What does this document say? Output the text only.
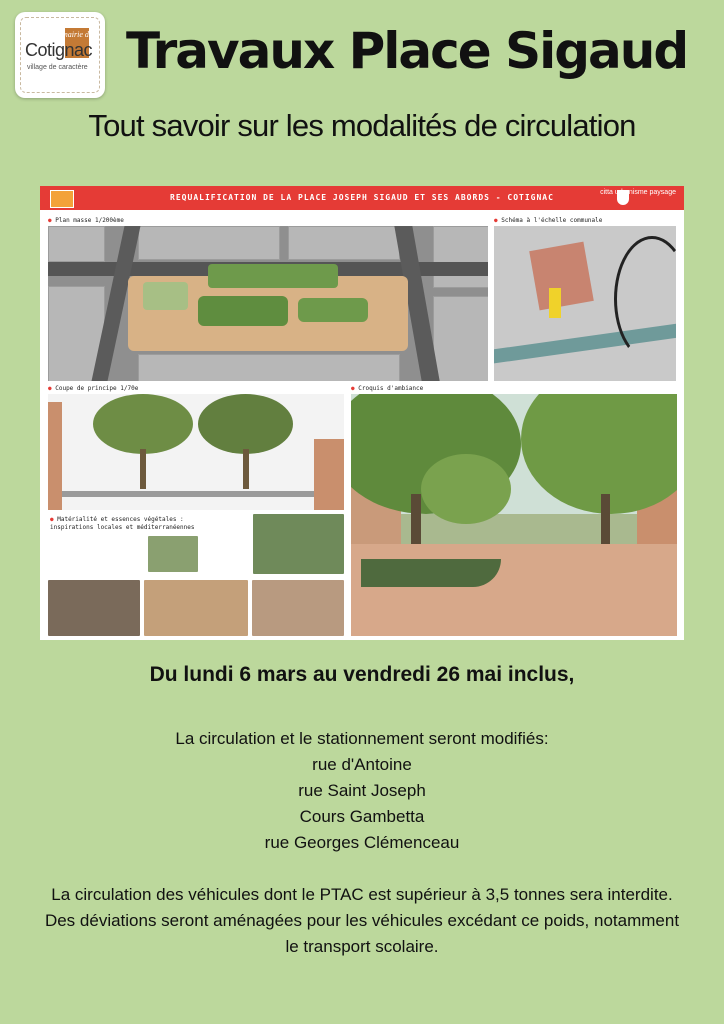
mairie de
Cotignac
village de caractère Travaux Place Sigaud
Tout savoir sur les modalités de circulation
REQUALIFICATION DE LA PLACE JOSEPH SIGAUD ET SES ABORDS - COTIGNAC
citta urbanisme paysage
● Plan masse 1/200ème	● Schéma à l'échelle communale
● Coupe de principe 1/70e	● Croquis d'ambiance
● Matérialité et essences végétales : inspirations locales et méditerranéennes
Du lundi 6 mars au vendredi 26 mai inclus,
La circulation et le stationnement seront modifiés:
rue d'Antoine
rue Saint Joseph
Cours Gambetta
rue Georges Clémenceau
La circulation des véhicules dont le PTAC est supérieur à 3,5 tonnes sera interdite. Des déviations seront aménagées pour les véhicules excédant ce poids, notamment le transport scolaire.
